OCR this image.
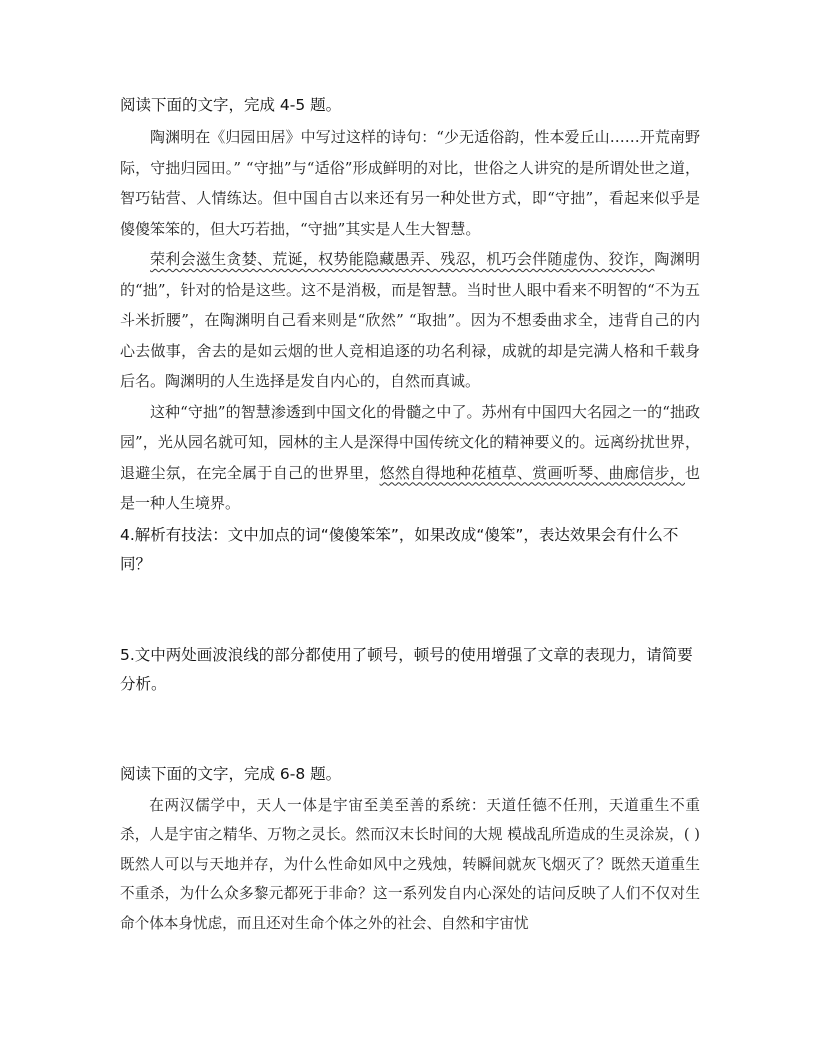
阅读下面的文字，完成 4-5 题。

陶渊明在《归园田居》中写过这样的诗句：“少无适俗韵，性本爱丘山……开荒南野际，守拙归园田。” “守拙”与“适俗”形成鲜明的对比，世俗之人讲究的是所谓处世之道，智巧钻营、人情练达。但中国自古以来还有另一种处世方式，即“守拙”，看起来似乎是傻傻笨笨的，但大巧若拙，“守拙”其实是人生大智慧。

荣利会滋生贪婪、荒诞，权势能隐藏愚弄、残忍，机巧会伴随虚伪、狡诈，陶渊明的“拙”，针对的恰是这些。这不是消极，而是智慧。当时世人眼中看来不明智的“不为五斗米折腰”，在陶渊明自己看来则是“欣然” “取拙”。因为不想委曲求全，违背自己的内心去做事，舍去的是如云烟的世人竞相追逐的功名利禄，成就的却是完满人格和千载身后名。陶渊明的人生选择是发自内心的，自然而真诚。

这种“守拙”的智慧渗透到中国文化的骨髓之中了。苏州有中国四大名园之一的“拙政园”，光从园名就可知，园林的主人是深得中国传统文化的精神要义的。远离纷扰世界，退避尘氛，在完全属于自己的世界里，悠然自得地种花植草、赏画听琴、曲廊信步，也是一种人生境界。

4.解析有技法：文中加点的词“傻傻笨笨”，如果改成“傻笨”，表达效果会有什么不同？

5.文中两处画波浪线的部分都使用了顿号，顿号的使用增强了文章的表现力，请简要分析。

阅读下面的文字，完成 6-8 题。

在两汉儒学中，天人一体是宇宙至美至善的系统：天道任德不任刑，天道重生不重杀，人是宇宙之精华、万物之灵长。然而汉末长时间的大规 模战乱所造成的生灵涂炭，( )既然人可以与天地并存，为什么性命如风中之残烛，转瞬间就灰飞烟灭了？既然天道重生不重杀，为什么众多黎元都死于非命？这一系列发自内心深处的诘问反映了人们不仅对生命个体本身忧虑，而且还对生命个体之外的社会、自然和宇宙忧
